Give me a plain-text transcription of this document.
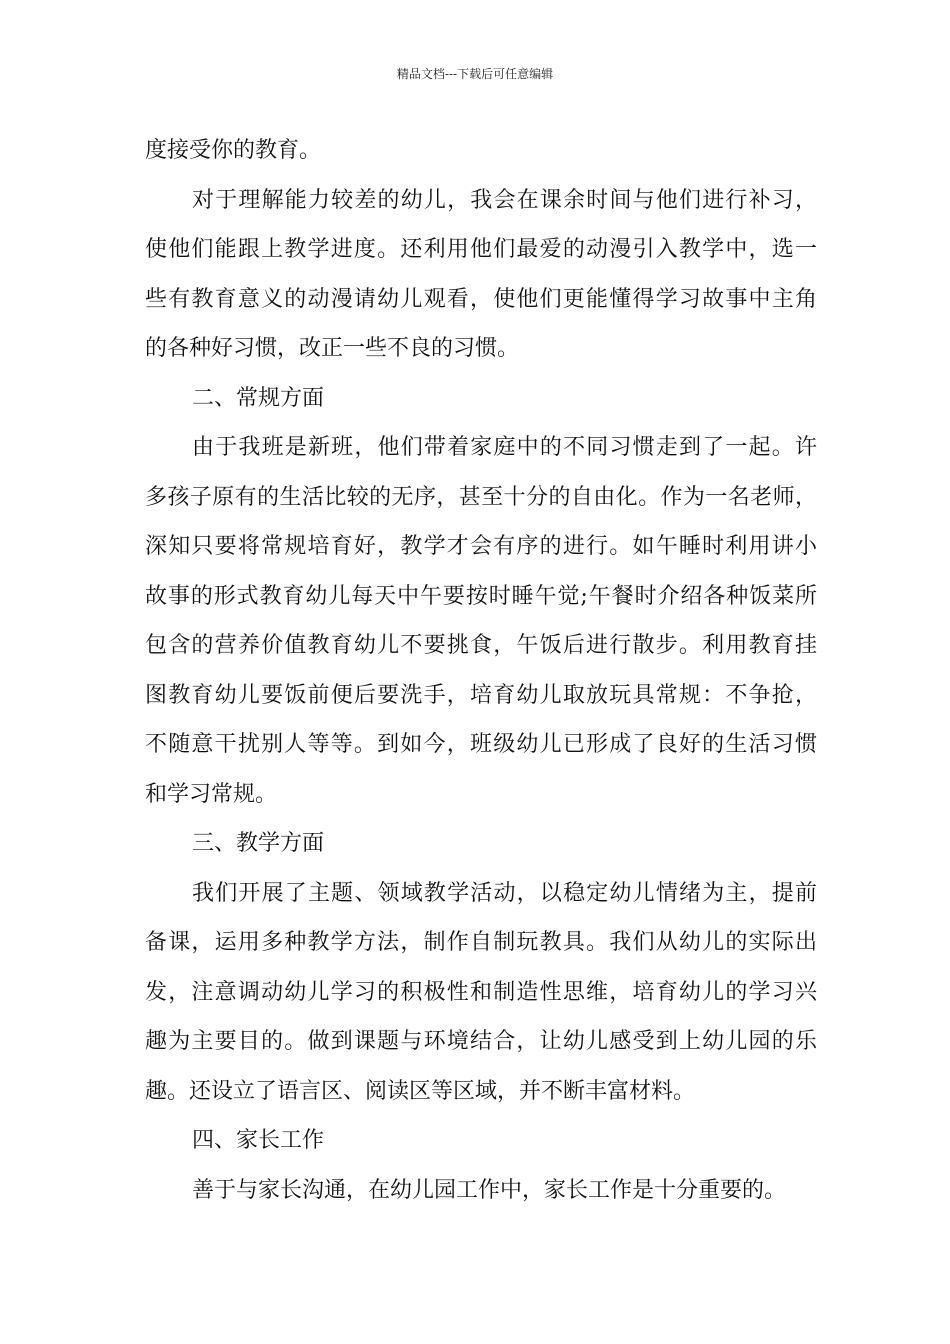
精品文档---下载后可任意编辑
度接受你的教育。
对于理解能力较差的幼儿，我会在课余时间与他们进行补习，
使他们能跟上教学进度。还利用他们最爱的动漫引入教学中，选一
些有教育意义的动漫请幼儿观看，使他们更能懂得学习故事中主角
的各种好习惯，改正一些不良的习惯。
二、常规方面
由于我班是新班，他们带着家庭中的不同习惯走到了一起。许
多孩子原有的生活比较的无序，甚至十分的自由化。作为一名老师，
深知只要将常规培育好，教学才会有序的进行。如午睡时利用讲小
故事的形式教育幼儿每天中午要按时睡午觉;午餐时介绍各种饭菜所
包含的营养价值教育幼儿不要挑食，午饭后进行散步。利用教育挂
图教育幼儿要饭前便后要洗手，培育幼儿取放玩具常规：不争抢，
不随意干扰别人等等。到如今，班级幼儿已形成了良好的生活习惯
和学习常规。
三、教学方面
我们开展了主题、领域教学活动，以稳定幼儿情绪为主，提前
备课，运用多种教学方法，制作自制玩教具。我们从幼儿的实际出
发，注意调动幼儿学习的积极性和制造性思维，培育幼儿的学习兴
趣为主要目的。做到课题与环境结合，让幼儿感受到上幼儿园的乐
趣。还设立了语言区、阅读区等区域，并不断丰富材料。
四、家长工作
善于与家长沟通，在幼儿园工作中，家长工作是十分重要的。
